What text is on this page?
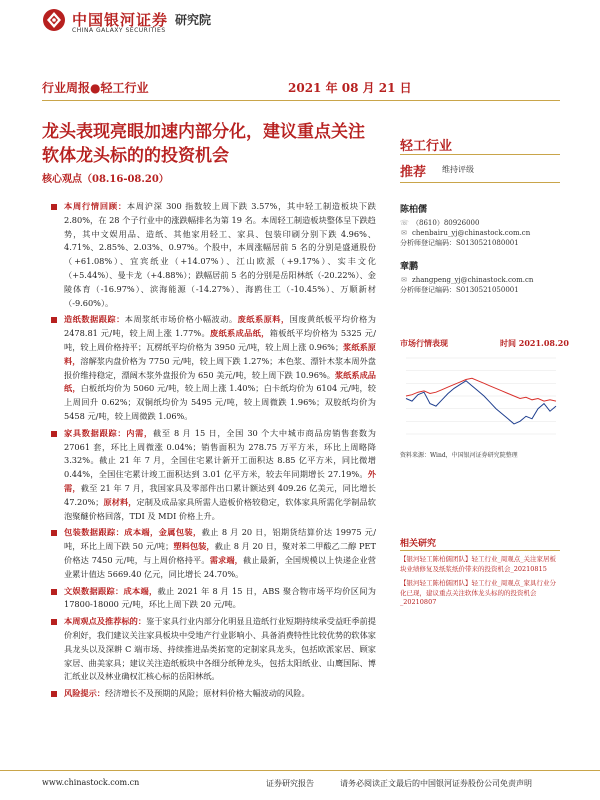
中国银河证券
CHINA GALAXY SECURITIES
研究院
行业周报●轻工行业	2021 年 08 月 21 日
龙头表现亮眼加速内部分化，建议重点关注软体龙头标的的投资机会
核心观点（08.16-08.20）
本周行情回顾：本周沪深 300 指数较上周下跌 3.57%，其中轻工制造板块下跌 2.80%，在 28 个子行业中的涨跌幅排名为第 19 名。本周轻工制造板块整体呈下跌趋势，其中文娱用品、造纸、其他家用轻工、家具、包装印刷分别下跌 4.96%、4.71%、2.85%、2.03%、0.97%。个股中，本周涨幅居前 5 名的分别是盛通股份（+61.08%）、宜宾纸业（+14.07%）、江山欧派（+9.17%）、实丰文化（+5.44%）、曼卡龙（+4.88%）；跌幅居前 5 名的分别是岳阳林纸（-20.22%）、金陵体育（-16.97%）、滨海能源（-14.27%）、海鸥住工（-10.45%）、万顺新材（-9.60%）。
造纸数据跟踪：本周浆纸市场价格小幅波动。废纸系原料，国废黄纸板平均价格为 2478.81 元/吨，较上周上涨 1.77%。废纸系成品纸，箱板纸平均价格为 5325 元/吨，较上周价格持平；瓦楞纸平均价格为 3950 元/吨，较上周上涨 0.96%；浆纸系原料，溶解浆内盘价格为 7750 元/吨，较上周下跌 1.27%；本色浆、漂针木浆本周外盘报价维持稳定，漂阔木浆外盘报价为 650 美元/吨，较上周下跌 10.96%。浆纸系成品纸，白板纸均价为 5060 元/吨，较上周上涨 1.40%；白卡纸均价为 6104 元/吨，较上周回升 0.62%；双铜纸均价为 5495 元/吨，较上周微跌 1.96%；双胶纸均价为 5458 元/吨，较上周微跌 1.06%。
家具数据跟踪：内需，截至 8 月 15 日，全国 30 个大中城市商品房销售套数为 27061 套，环比上周微涨 0.04%；销售面积为 278.75 万平方米，环比上周略降 3.32%。截止 21 年 7 月，全国住宅累计新开工面积达 8.85 亿平方米，同比微增 0.44%，全国住宅累计竣工面积达到 3.01 亿平方米，较去年同期增长 27.19%。外需，截至 21 年 7 月，我国家具及零部件出口累计额达到 409.26 亿美元，同比增长 47.20%；原材料，定制及成品家具所需人造板价格较稳定，软体家具所需化学制品软泡聚醚价格回落，TDI 及 MDI 价格上升。
包装数据跟踪：成本端，金属包装，截止 8 月 20 日，铝期货结算价达 19975 元/吨，环比上周下跌 50 元/吨；塑料包装，截止 8 月 20 日，聚对苯二甲酸乙二醇 PET 价格达 7450 元/吨，与上周价格持平。需求端，截止最新，全国规模以上快递企业营业累计值达 5669.40 亿元，同比增长 24.70%。
文娱数据跟踪：成本端，截止 2021 年 8 月 15 日，ABS 聚合物市场平均价区间为 17800-18000 元/吨，环比上周下跌 20 元/吨。
本周观点及推荐标的：鉴于家具行业内部分化明显且造纸行业短期持续承受益旺季前提价利好，我们建议关注家具板块中受地产行业影响小、具备消费特性比较优势的软体家具龙头以及深耕 C 端市场、持续推进品类拓宽的定制家具龙头，包括欧派家居、顾家家居、曲美家具；建议关注造纸板块中各细分纸种龙头，包括太阳纸业、山鹰国际、博汇纸业以及林业确权汇核心标的岳阳林纸。
风险提示：经济增长不及预期的风险；原材料价格大幅波动的风险。
轻工行业
推荐 维持评级
陈柏儒
☏ （8610）80926000
✉ chenbairu_yj@chinastock.com.cn
分析师登记编码：S0130521080001
章鹏
✉ zhangpeng_yj@chinastock.com.cn
分析师登记编码：S0130521050001
市场行情表现	时间 2021.08.20
资料来源：Wind，中国银河证券研究院整理
相关研究
【银河轻工陈柏儒团队】轻工行业_周观点_关注家居板块业绩修复及纸浆纸价带来的投资机会_20210815
【银河轻工陈柏儒团队】轻工行业_周观点_家具行业分化已现，建议重点关注软体龙头标的的投资机会_20210807
www.chinastock.com.cn	证券研究报告	请务必阅读正文最后的中国银河证券股份公司免责声明
